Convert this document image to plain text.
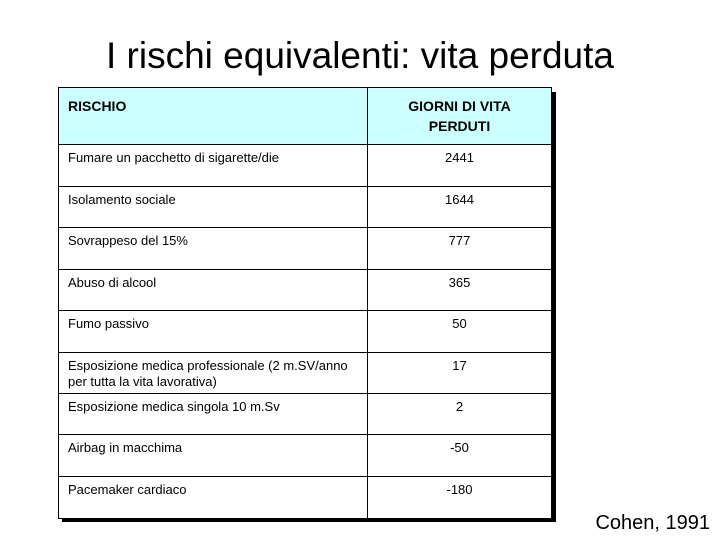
I rischi equivalenti: vita perduta
RISCHIO	GIORNI DI VITA PERDUTI
Fumare un pacchetto di sigarette/die	2441
Isolamento sociale	1644
Sovrappeso del 15%	777
Abuso di alcool	365
Fumo passivo	50
Esposizione medica professionale (2 m.SV/anno per tutta la vita lavorativa)	17
Esposizione medica singola 10 m.Sv	2
Airbag in macchima	-50
Pacemaker cardiaco	-180
Cohen, 1991
